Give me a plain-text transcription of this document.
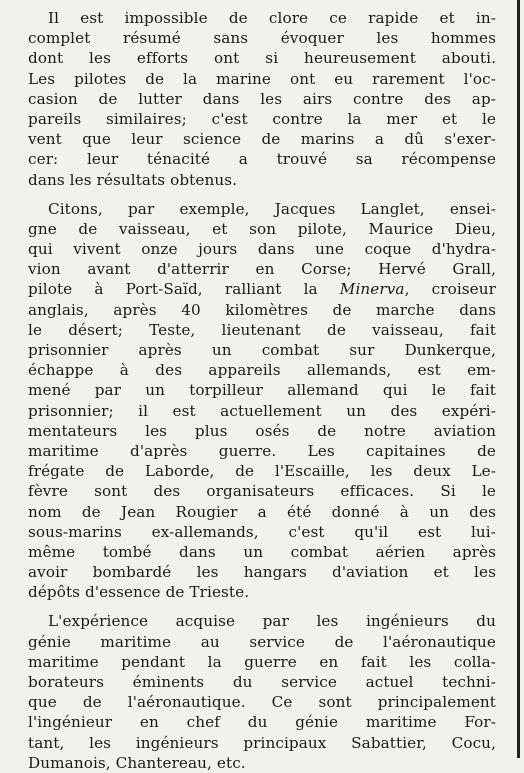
Il est impossible de clore ce rapide et in-
complet résumé sans évoquer les hommes
dont les efforts ont si heureusement abouti.
Les pilotes de la marine ont eu rarement l'oc-
casion de lutter dans les airs contre des ap-
pareils similaires; c'est contre la mer et le
vent que leur science de marins a dû s'exer-
cer: leur ténacité a trouvé sa récompense
dans les résultats obtenus.
Citons, par exemple, Jacques Langlet, ensei-
gne de vaisseau, et son pilote, Maurice Dieu,
qui vivent onze jours dans une coque d'hydra-
vion avant d'atterrir en Corse; Hervé Grall,
pilote à Port-Saïd, ralliant la Minerva, croiseur
anglais, après 40 kilomètres de marche dans
le désert; Teste, lieutenant de vaisseau, fait
prisonnier après un combat sur Dunkerque,
échappe à des appareils allemands, est em-
mené par un torpilleur allemand qui le fait
prisonnier; il est actuellement un des expéri-
mentateurs les plus osés de notre aviation
maritime d'après guerre. Les capitaines de
frégate de Laborde, de l'Escaille, les deux Le-
fèvre sont des organisateurs efficaces. Si le
nom de Jean Rougier a été donné à un des
sous-marins ex-allemands, c'est qu'il est lui-
même tombé dans un combat aérien après
avoir bombardé les hangars d'aviation et les
dépôts d'essence de Trieste.
L'expérience acquise par les ingénieurs du
génie maritime au service de l'aéronautique
maritime pendant la guerre en fait les colla-
borateurs éminents du service actuel techni-
que de l'aéronautique. Ce sont principalement
l'ingénieur en chef du génie maritime For-
tant, les ingénieurs principaux Sabattier, Cocu,
Dumanois, Chantereau, etc.
